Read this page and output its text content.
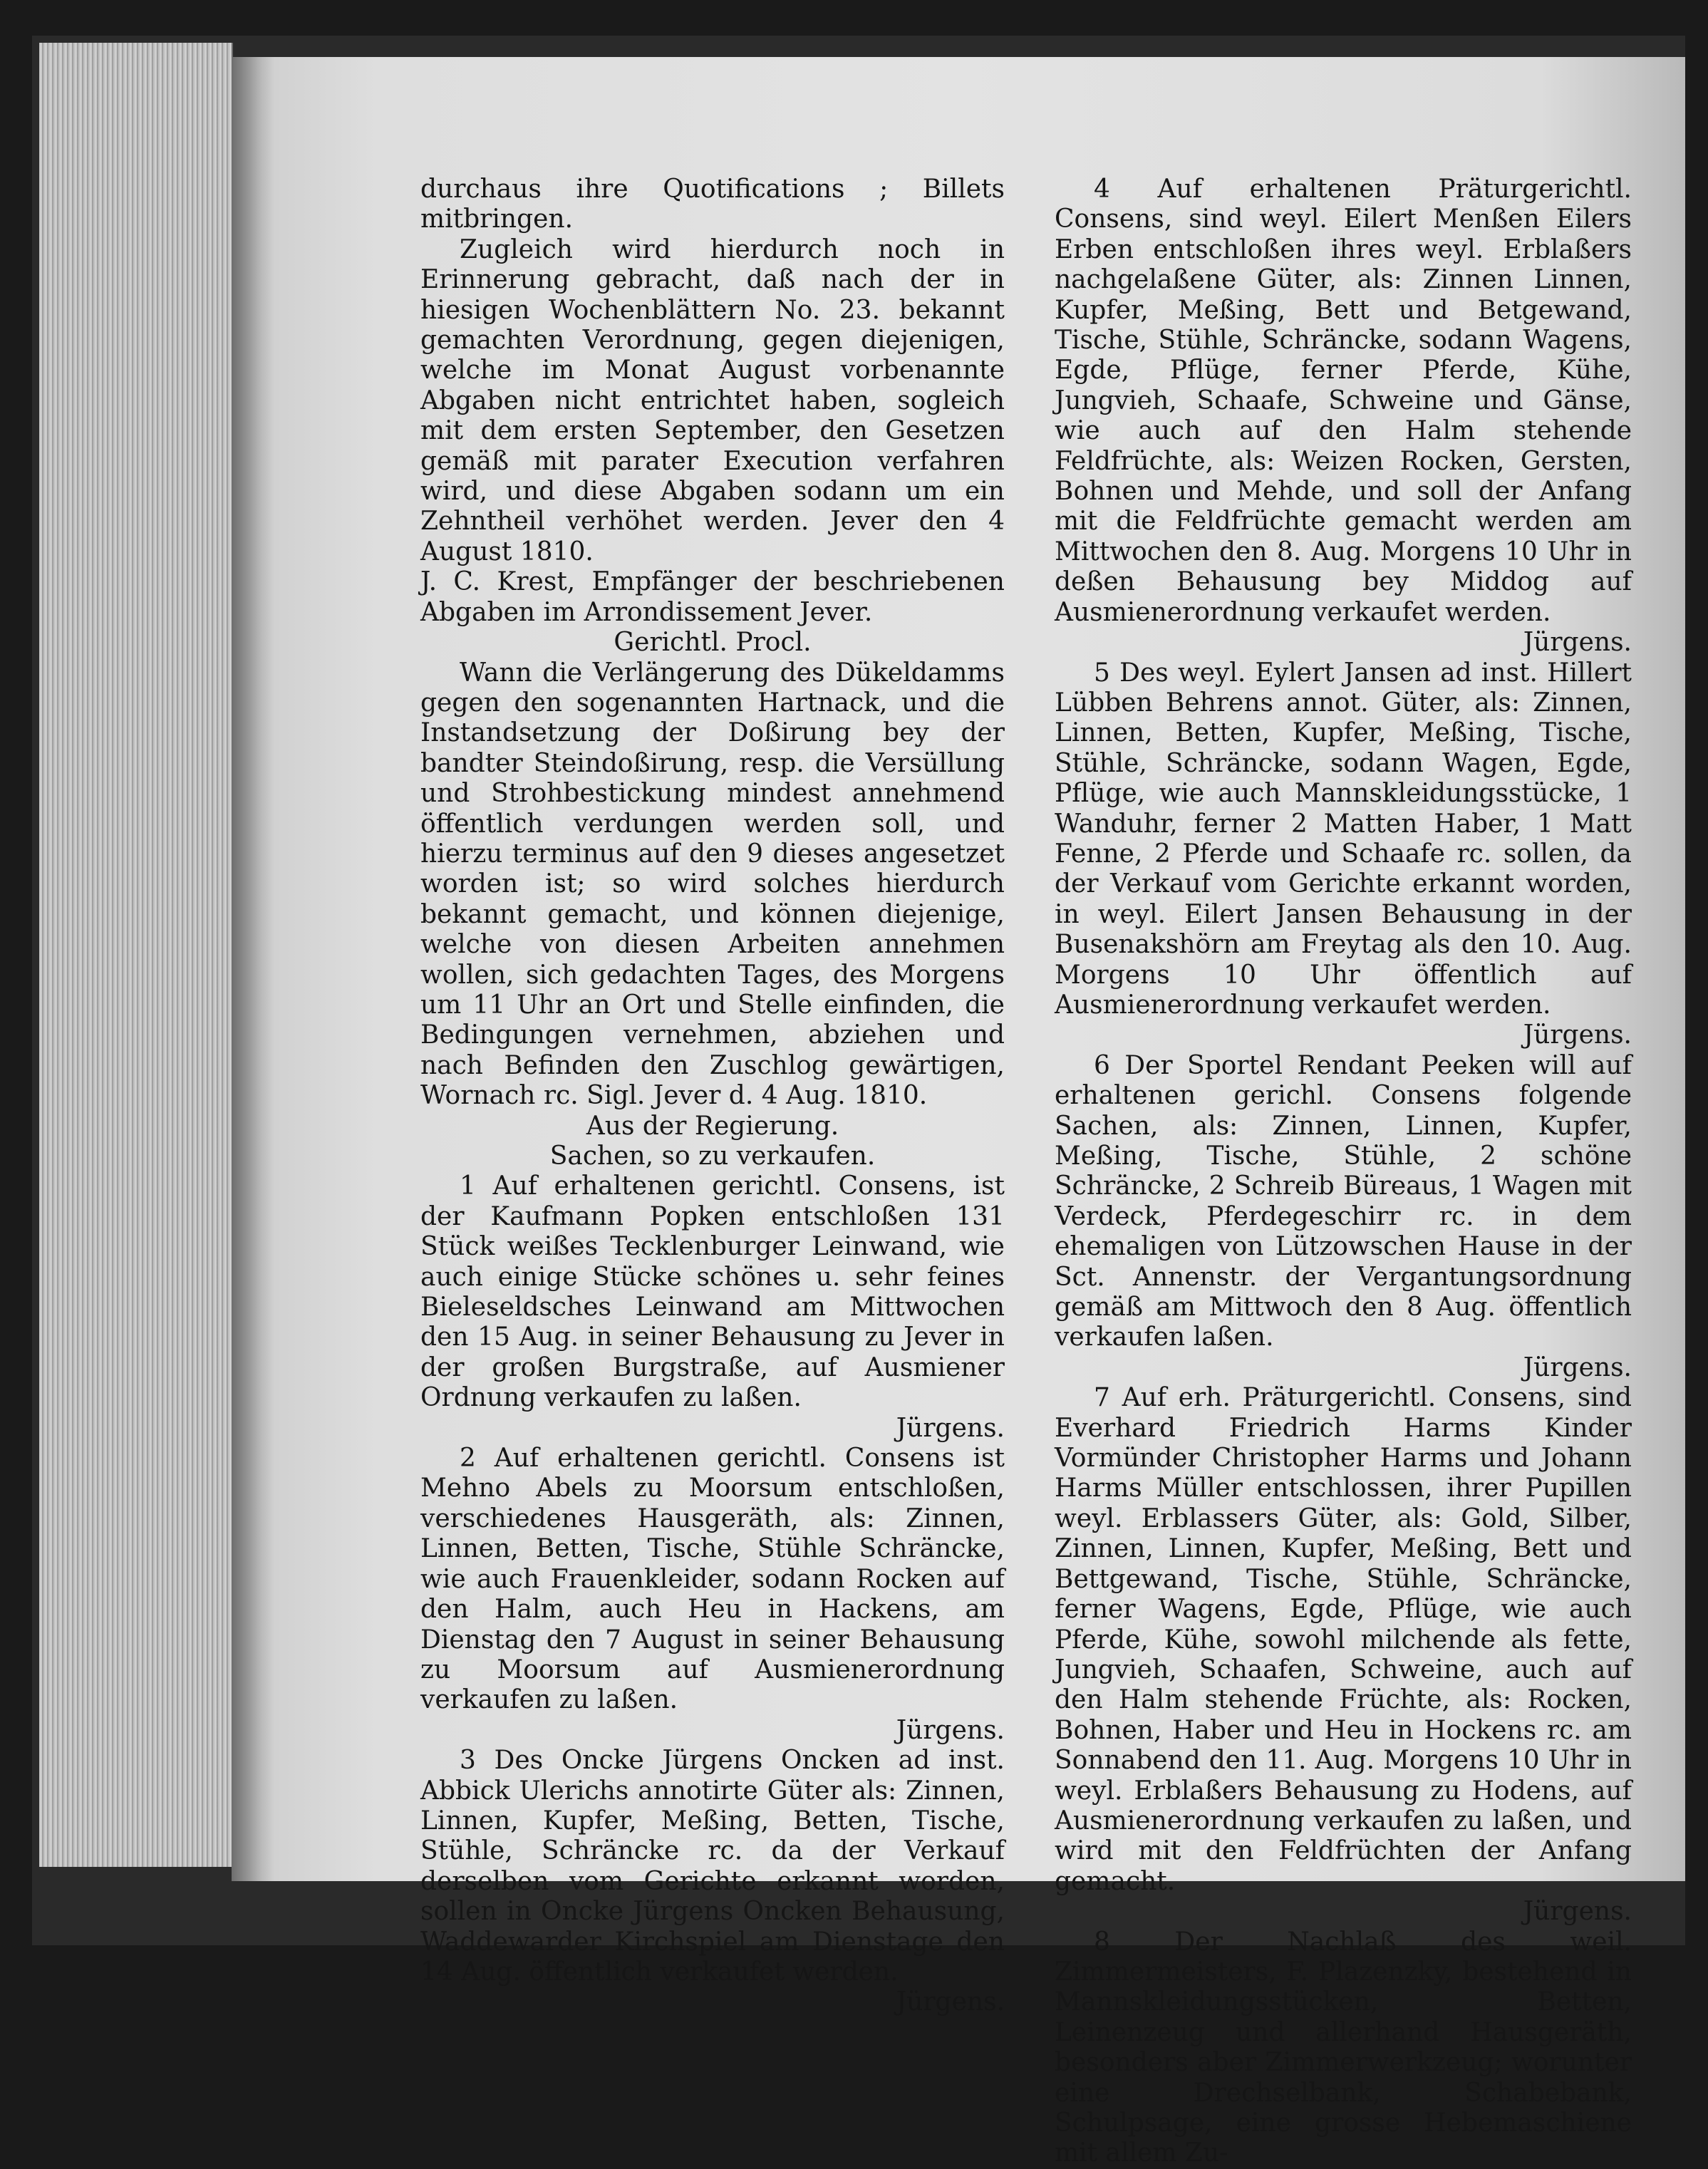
durchaus ihre Quotifications ; Billets mitbringen.

Zugleich wird hierdurch noch in Erinnerung gebracht, daß nach der in hiesigen Wochenblättern No. 23. bekannt gemachten Verordnung, gegen diejenigen, welche im Monat August vorbenannte Abgaben nicht entrichtet haben, sogleich mit dem ersten September, den Gesetzen gemäß mit parater Execution verfahren wird, und diese Abgaben sodann um ein Zehntheil verhöhet werden. Jever den 4 August 1810.

J. C. Krest, Empfänger der beschriebenen Abgaben im Arrondissement Jever.

Gerichtl. Procl.

Wann die Verlängerung des Dükeldamms gegen den sogenannten Hartnack, und die Instandsetzung der Doßirung bey der bandter Steindoßirung, resp. die Versüllung und Strohbestickung mindest annehmend öffentlich verdungen werden soll, und hierzu terminus auf den 9 dieses angesetzet worden ist; so wird solches hierdurch bekannt gemacht, und können diejenige, welche von diesen Arbeiten annehmen wollen, sich gedachten Tages, des Morgens um 11 Uhr an Ort und Stelle einfinden, die Bedingungen vernehmen, abziehen und nach Befinden den Zuschlog gewärtigen, Wornach rc. Sigl. Jever d. 4 Aug. 1810.

Aus der Regierung.

Sachen, so zu verkaufen.

1 Auf erhaltenen gerichtl. Consens, ist der Kaufmann Popken entschloßen 131 Stück weißes Tecklenburger Leinwand, wie auch einige Stücke schönes u. sehr feines Bieleseldsches Leinwand am Mittwochen den 15 Aug. in seiner Behausung zu Jever in der großen Burgstraße, auf Ausmiener Ordnung verkaufen zu laßen.

Jürgens.

2 Auf erhaltenen gerichtl. Consens ist Mehno Abels zu Moorsum entschloßen, verschiedenes Hausgeräth, als: Zinnen, Linnen, Betten, Tische, Stühle Schräncke, wie auch Frauenkleider, sodann Rocken auf den Halm, auch Heu in Hackens, am Dienstag den 7 August in seiner Behausung zu Moorsum auf Ausmienerordnung verkaufen zu laßen.

Jürgens.

3 Des Oncke Jürgens Oncken ad inst. Abbick Ulerichs annotirte Güter als: Zinnen, Linnen, Kupfer, Meßing, Betten, Tische, Stühle, Schräncke rc. da der Verkauf derselben vom Gerichte erkannt worden, sollen in Oncke Jürgens Oncken Behausung, Waddewarder Kirchspiel am Dienstage den 14 Aug. öffentlich verkaufet werden.

Jürgens.

4 Auf erhaltenen Präturgerichtl. Consens, sind weyl. Eilert Menßen Eilers Erben entschloßen ihres weyl. Erblaßers nachgelaßene Güter, als: Zinnen Linnen, Kupfer, Meßing, Bett und Betgewand, Tische, Stühle, Schräncke, sodann Wagens, Egde, Pflüge, ferner Pferde, Kühe, Jungvieh, Schaafe, Schweine und Gänse, wie auch auf den Halm stehende Feldfrüchte, als: Weizen Rocken, Gersten, Bohnen und Mehde, und soll der Anfang mit die Feldfrüchte gemacht werden am Mittwochen den 8. Aug. Morgens 10 Uhr in deßen Behausung bey Middog auf Ausmienerordnung verkaufet werden.

Jürgens.

5 Des weyl. Eylert Jansen ad inst. Hillert Lübben Behrens annot. Güter, als: Zinnen, Linnen, Betten, Kupfer, Meßing, Tische, Stühle, Schräncke, sodann Wagen, Egde, Pflüge, wie auch Mannskleidungsstücke, 1 Wanduhr, ferner 2 Matten Haber, 1 Matt Fenne, 2 Pferde und Schaafe rc. sollen, da der Verkauf vom Gerichte erkannt worden, in weyl. Eilert Jansen Behausung in der Busenakshörn am Freytag als den 10. Aug. Morgens 10 Uhr öffentlich auf Ausmienerordnung verkaufet werden.

Jürgens.

6 Der Sportel Rendant Peeken will auf erhaltenen gerichl. Consens folgende Sachen, als: Zinnen, Linnen, Kupfer, Meßing, Tische, Stühle, 2 schöne Schräncke, 2 Schreib Büreaus, 1 Wagen mit Verdeck, Pferdegeschirr rc. in dem ehemaligen von Lützowschen Hause in der Sct. Annenstr. der Vergantungsordnung gemäß am Mittwoch den 8 Aug. öffentlich verkaufen laßen.

Jürgens.

7 Auf erh. Präturgerichtl. Consens, sind Everhard Friedrich Harms Kinder Vormünder Christopher Harms und Johann Harms Müller entschlossen, ihrer Pupillen weyl. Erblassers Güter, als: Gold, Silber, Zinnen, Linnen, Kupfer, Meßing, Bett und Bettgewand, Tische, Stühle, Schräncke, ferner Wagens, Egde, Pflüge, wie auch Pferde, Kühe, sowohl milchende als fette, Jungvieh, Schaafen, Schweine, auch auf den Halm stehende Früchte, als: Rocken, Bohnen, Haber und Heu in Hockens rc. am Sonnabend den 11. Aug. Morgens 10 Uhr in weyl. Erblaßers Behausung zu Hodens, auf Ausmienerordnung verkaufen zu laßen, und wird mit den Feldfrüchten der Anfang gemacht.

Jürgens.

8 Der Nachlaß des weil. Zimmermeisters, F. Plazenzky, bestehend in Mannskleidungsstücken, Betten, Leinenzeug und allerhand Hausgeräth, besonders aber Zimmerwerkzeug; worunter eine Drechselbank, Schabebank, Schulpsage, eine grosse Hebemaschiene mit allem Zu-
